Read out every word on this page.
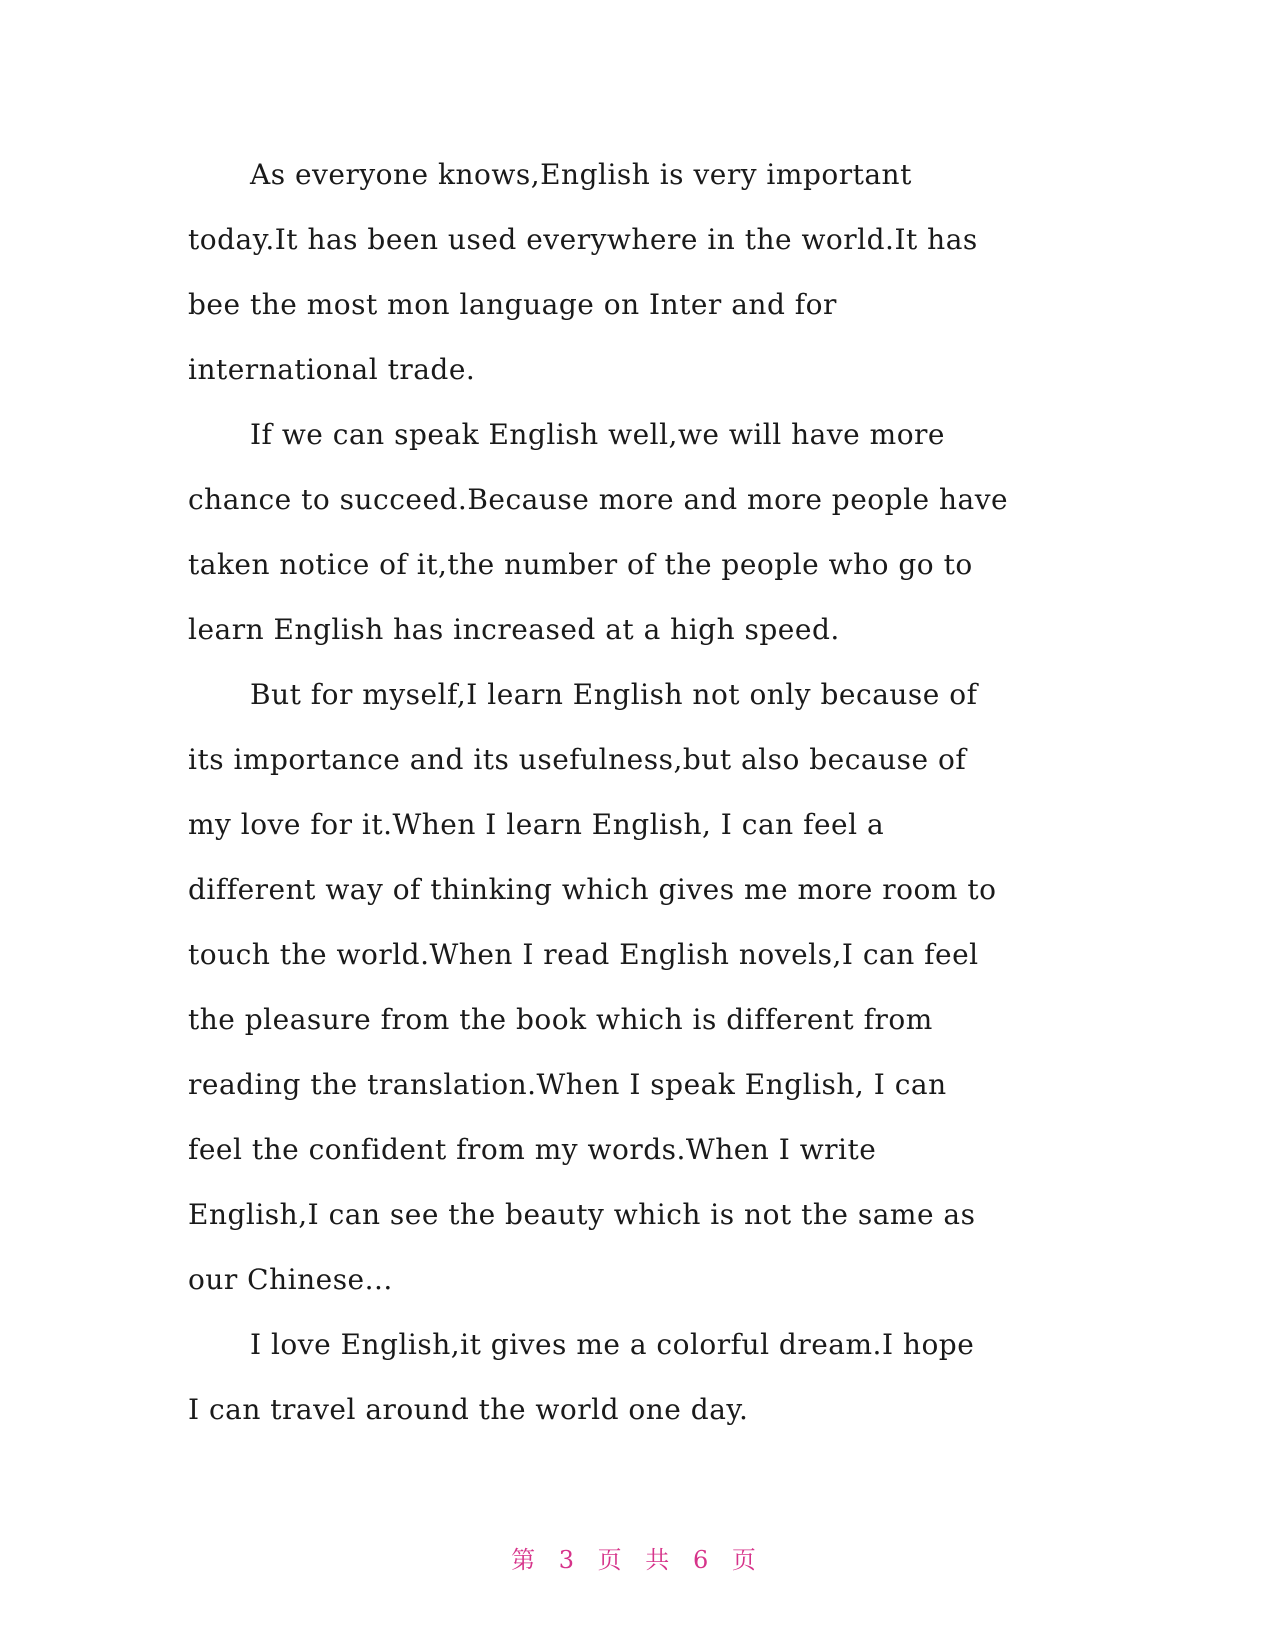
As everyone knows,English is very important
today.It has been used everywhere in the world.It has
bee the most mon language on Inter and for
international trade.
If we can speak English well,we will have more
chance to succeed.Because more and more people have
taken notice of it,the number of the people who go to
learn English has increased at a high speed.
But for myself,I learn English not only because of
its importance and its usefulness,but also because of
my love for it.When I learn English, I can feel a
different way of thinking which gives me more room to
touch the world.When I read English novels,I can feel
the pleasure from the book which is different from
reading the translation.When I speak English, I can
feel the confident from my words.When I write
English,I can see the beauty which is not the same as
our Chinese...
I love English,it gives me a colorful dream.I hope
I can travel around the world one day.
第 3 页 共 6 页
